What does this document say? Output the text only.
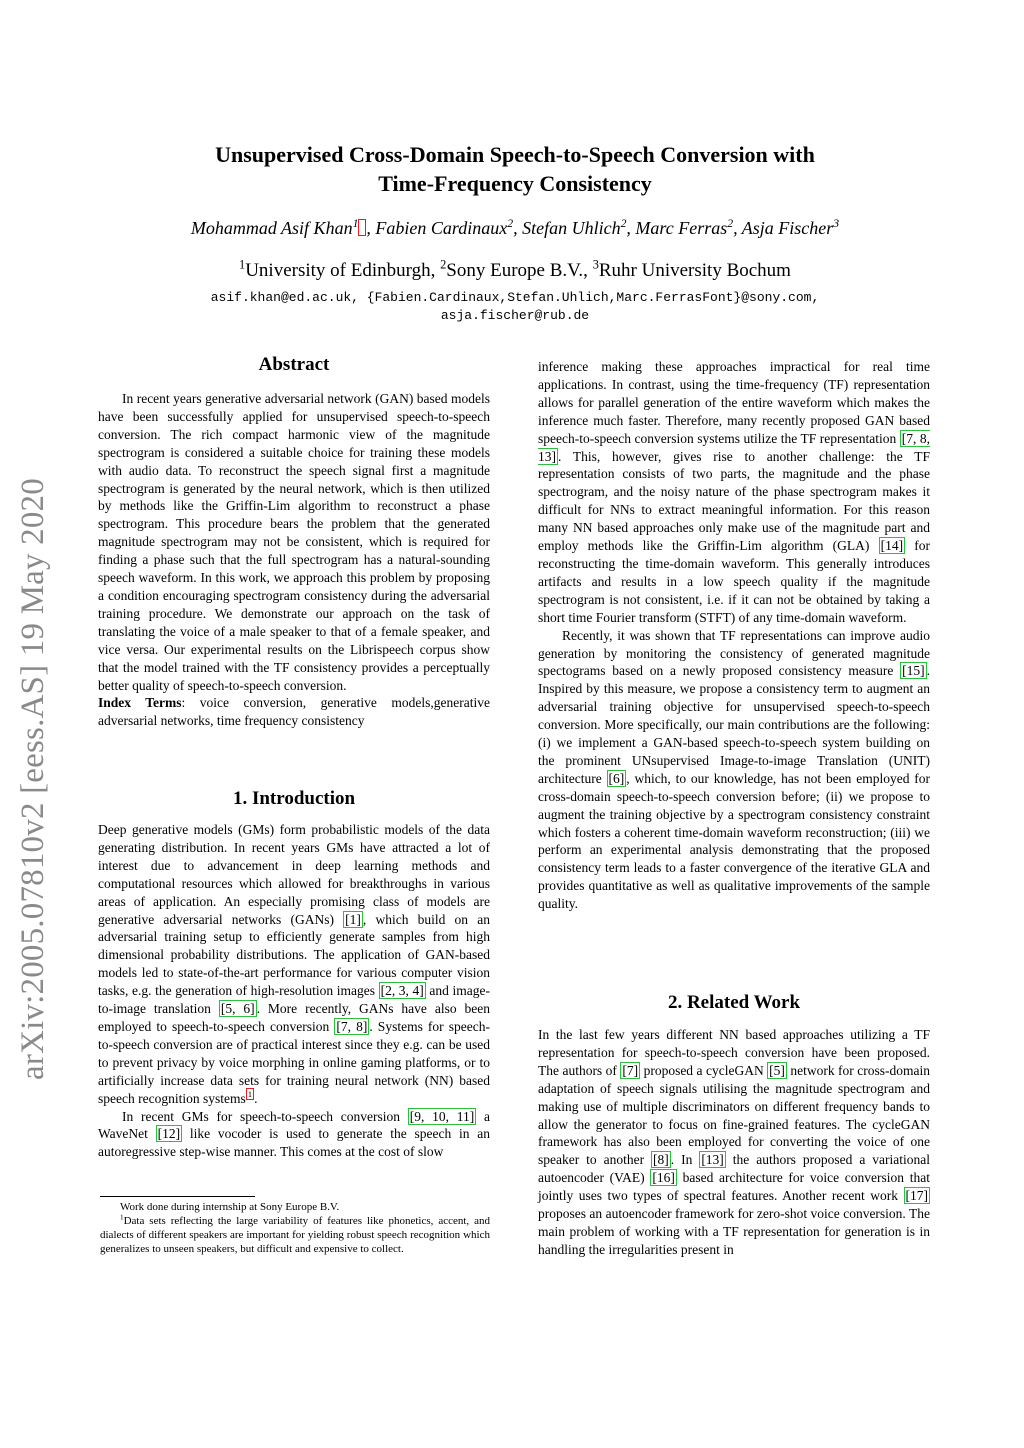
Unsupervised Cross-Domain Speech-to-Speech Conversion with
Time-Frequency Consistency
Mohammad Asif Khan$^1$ , Fabien Cardinaux$^2$, Stefan Uhlich$^2$, Marc Ferras$^2$, Asja Fischer$^3$
$^1$University of Edinburgh, $^2$Sony Europe B.V., $^3$Ruhr University Bochum
asif.khan@ed.ac.uk, {Fabien.Cardinaux,Stefan.Uhlich,Marc.FerrasFont}@sony.com,
asja.fischer@rub.de
arXiv:2005.07810v2 [eess.AS] 19 May 2020
Abstract

In recent years generative adversarial network (GAN) based models have been successfully applied for unsupervised speech-to-speech conversion. The rich compact harmonic view of the magnitude spectrogram is considered a suitable choice for training these models with audio data. To reconstruct the speech signal first a magnitude spectrogram is generated by the neural network, which is then utilized by methods like the Griffin-Lim algorithm to reconstruct a phase spectrogram. This procedure bears the problem that the generated magnitude spectrogram may not be consistent, which is required for finding a phase such that the full spectrogram has a natural-sounding speech waveform. In this work, we approach this problem by proposing a condition encouraging spectrogram consistency during the adversarial training procedure. We demonstrate our approach on the task of translating the voice of a male speaker to that of a female speaker, and vice versa. Our experimental results on the Librispeech corpus show that the model trained with the TF consistency provides a perceptually better quality of speech-to-speech conversion.

Index Terms: voice conversion, generative models,generative adversarial networks, time frequency consistency

1. Introduction

Deep generative models (GMs) form probabilistic models of the data generating distribution. In recent years GMs have attracted a lot of interest due to advancement in deep learning methods and computational resources which allowed for breakthroughs in various areas of application. An especially promising class of models are generative adversarial networks (GANs) [1] , which build on an adversarial training setup to efficiently generate samples from high dimensional probability distributions. The application of GAN-based models led to state-of-the-art performance for various computer vision tasks, e.g. the generation of high-resolution images [2, 3, 4] and image-to-image translation [5, 6] . More recently, GANs have also been employed to speech-to-speech conversion [7, 8] . Systems for speech-to-speech conversion are of practical interest since they e.g. can be used to prevent privacy by voice morphing in online gaming platforms, or to artificially increase data sets for training neural network (NN) based speech recognition systems $^1$ .

In recent GMs for speech-to-speech conversion [9, 10, 11] a WaveNet [12] like vocoder is used to generate the speech in an autoregressive step-wise manner. This comes at the cost of slow

Work done during internship at Sony Europe B.V.

$^1$Data sets reflecting the large variability of features like phonetics, accent, and dialects of different speakers are important for yielding robust speech recognition which generalizes to unseen speakers, but difficult and expensive to collect.

inference making these approaches impractical for real time applications. In contrast, using the time-frequency (TF) representation allows for parallel generation of the entire waveform which makes the inference much faster. Therefore, many recently proposed GAN based speech-to-speech conversion systems utilize the TF representation [7, 8, 13] . This, however, gives rise to another challenge: the TF representation consists of two parts, the magnitude and the phase spectrogram, and the noisy nature of the phase spectrogram makes it difficult for NNs to extract meaningful information. For this reason many NN based approaches only make use of the magnitude part and employ methods like the Griffin-Lim algorithm (GLA) [14] for reconstructing the time-domain waveform. This generally introduces artifacts and results in a low speech quality if the magnitude spectrogram is not consistent, i.e. if it can not be obtained by taking a short time Fourier transform (STFT) of any time-domain waveform.

Recently, it was shown that TF representations can improve audio generation by monitoring the consistency of generated magnitude spectograms based on a newly proposed consistency measure [15] . Inspired by this measure, we propose a consistency term to augment an adversarial training objective for unsupervised speech-to-speech conversion. More specifically, our main contributions are the following: (i) we implement a GAN-based speech-to-speech system building on the prominent UNsupervised Image-to-image Translation (UNIT) architecture [6] , which, to our knowledge, has not been employed for cross-domain speech-to-speech conversion before; (ii) we propose to augment the training objective by a spectrogram consistency constraint which fosters a coherent time-domain waveform reconstruction; (iii) we perform an experimental analysis demonstrating that the proposed consistency term leads to a faster convergence of the iterative GLA and provides quantitative as well as qualitative improvements of the sample quality.

2. Related Work

In the last few years different NN based approaches utilizing a TF representation for speech-to-speech conversion have been proposed. The authors of [7] proposed a cycleGAN [5] network for cross-domain adaptation of speech signals utilising the magnitude spectrogram and making use of multiple discriminators on different frequency bands to allow the generator to focus on fine-grained features. The cycleGAN framework has also been employed for converting the voice of one speaker to another [8] . In [13] the authors proposed a variational autoencoder (VAE) [16] based architecture for voice conversion that jointly uses two types of spectral features. Another recent work [17] proposes an autoencoder framework for zero-shot voice conversion. The main problem of working with a TF representation for generation is in handling the irregularities present in
